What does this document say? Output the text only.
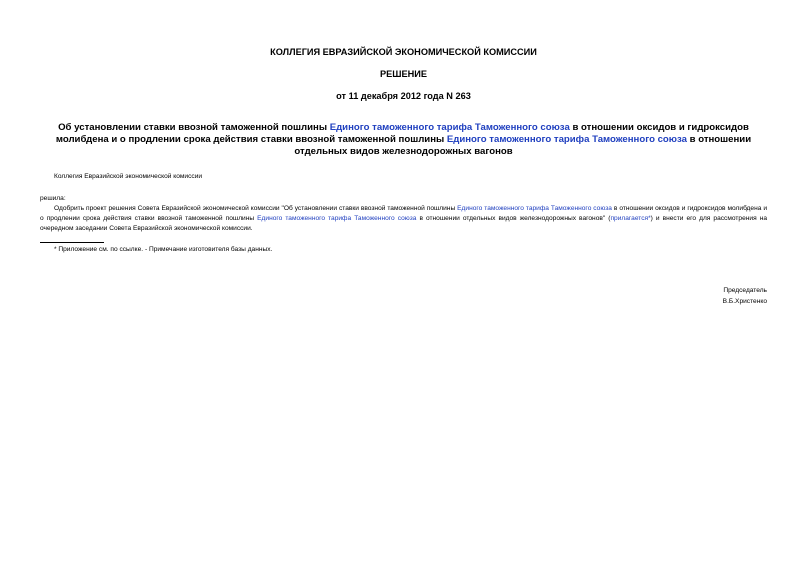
КОЛЛЕГИЯ ЕВРАЗИЙСКОЙ ЭКОНОМИЧЕСКОЙ КОМИССИИ
РЕШЕНИЕ
от 11 декабря 2012 года N 263
Об установлении ставки ввозной таможенной пошлины Единого таможенного тарифа Таможенного союза в отношении оксидов и гидроксидов молибдена и о продлении срока действия ставки ввозной таможенной пошлины Единого таможенного тарифа Таможенного союза в отношении отдельных видов железнодорожных вагонов
Коллегия Евразийской экономической комиссии
решила:
Одобрить проект решения Совета Евразийской экономической комиссии "Об установлении ставки ввозной таможенной пошлины Единого таможенного тарифа Таможенного союза в отношении оксидов и гидроксидов молибдена и о продлении срока действия ставки ввозной таможенной пошлины Единого таможенного тарифа Таможенного союза в отношении отдельных видов железнодорожных вагонов" (прилагается*) и внести его для рассмотрения на очередном заседании Совета Евразийской экономической комиссии.
* Приложение см. по ссылке. - Примечание изготовителя базы данных.
Председатель
В.Б.Христенко
